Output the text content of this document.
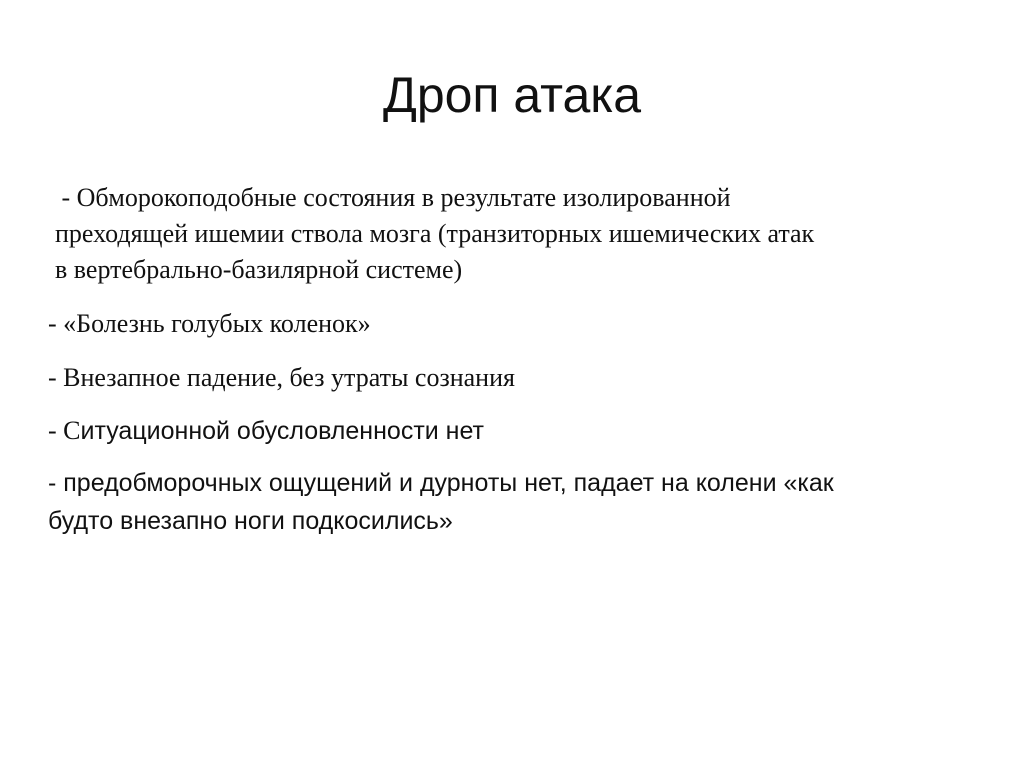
Дроп атака
- Обморокоподобные состояния в результате изолированной
преходящей ишемии ствола мозга (транзиторных ишемических атак
в вертебрально-базилярной системе)
- «Болезнь голубых коленок»
- Внезапное падение, без утраты сознания
- Ситуационной обусловленности нет
- предобморочных ощущений и дурноты нет, падает на колени «как
будто внезапно ноги подкосились»
